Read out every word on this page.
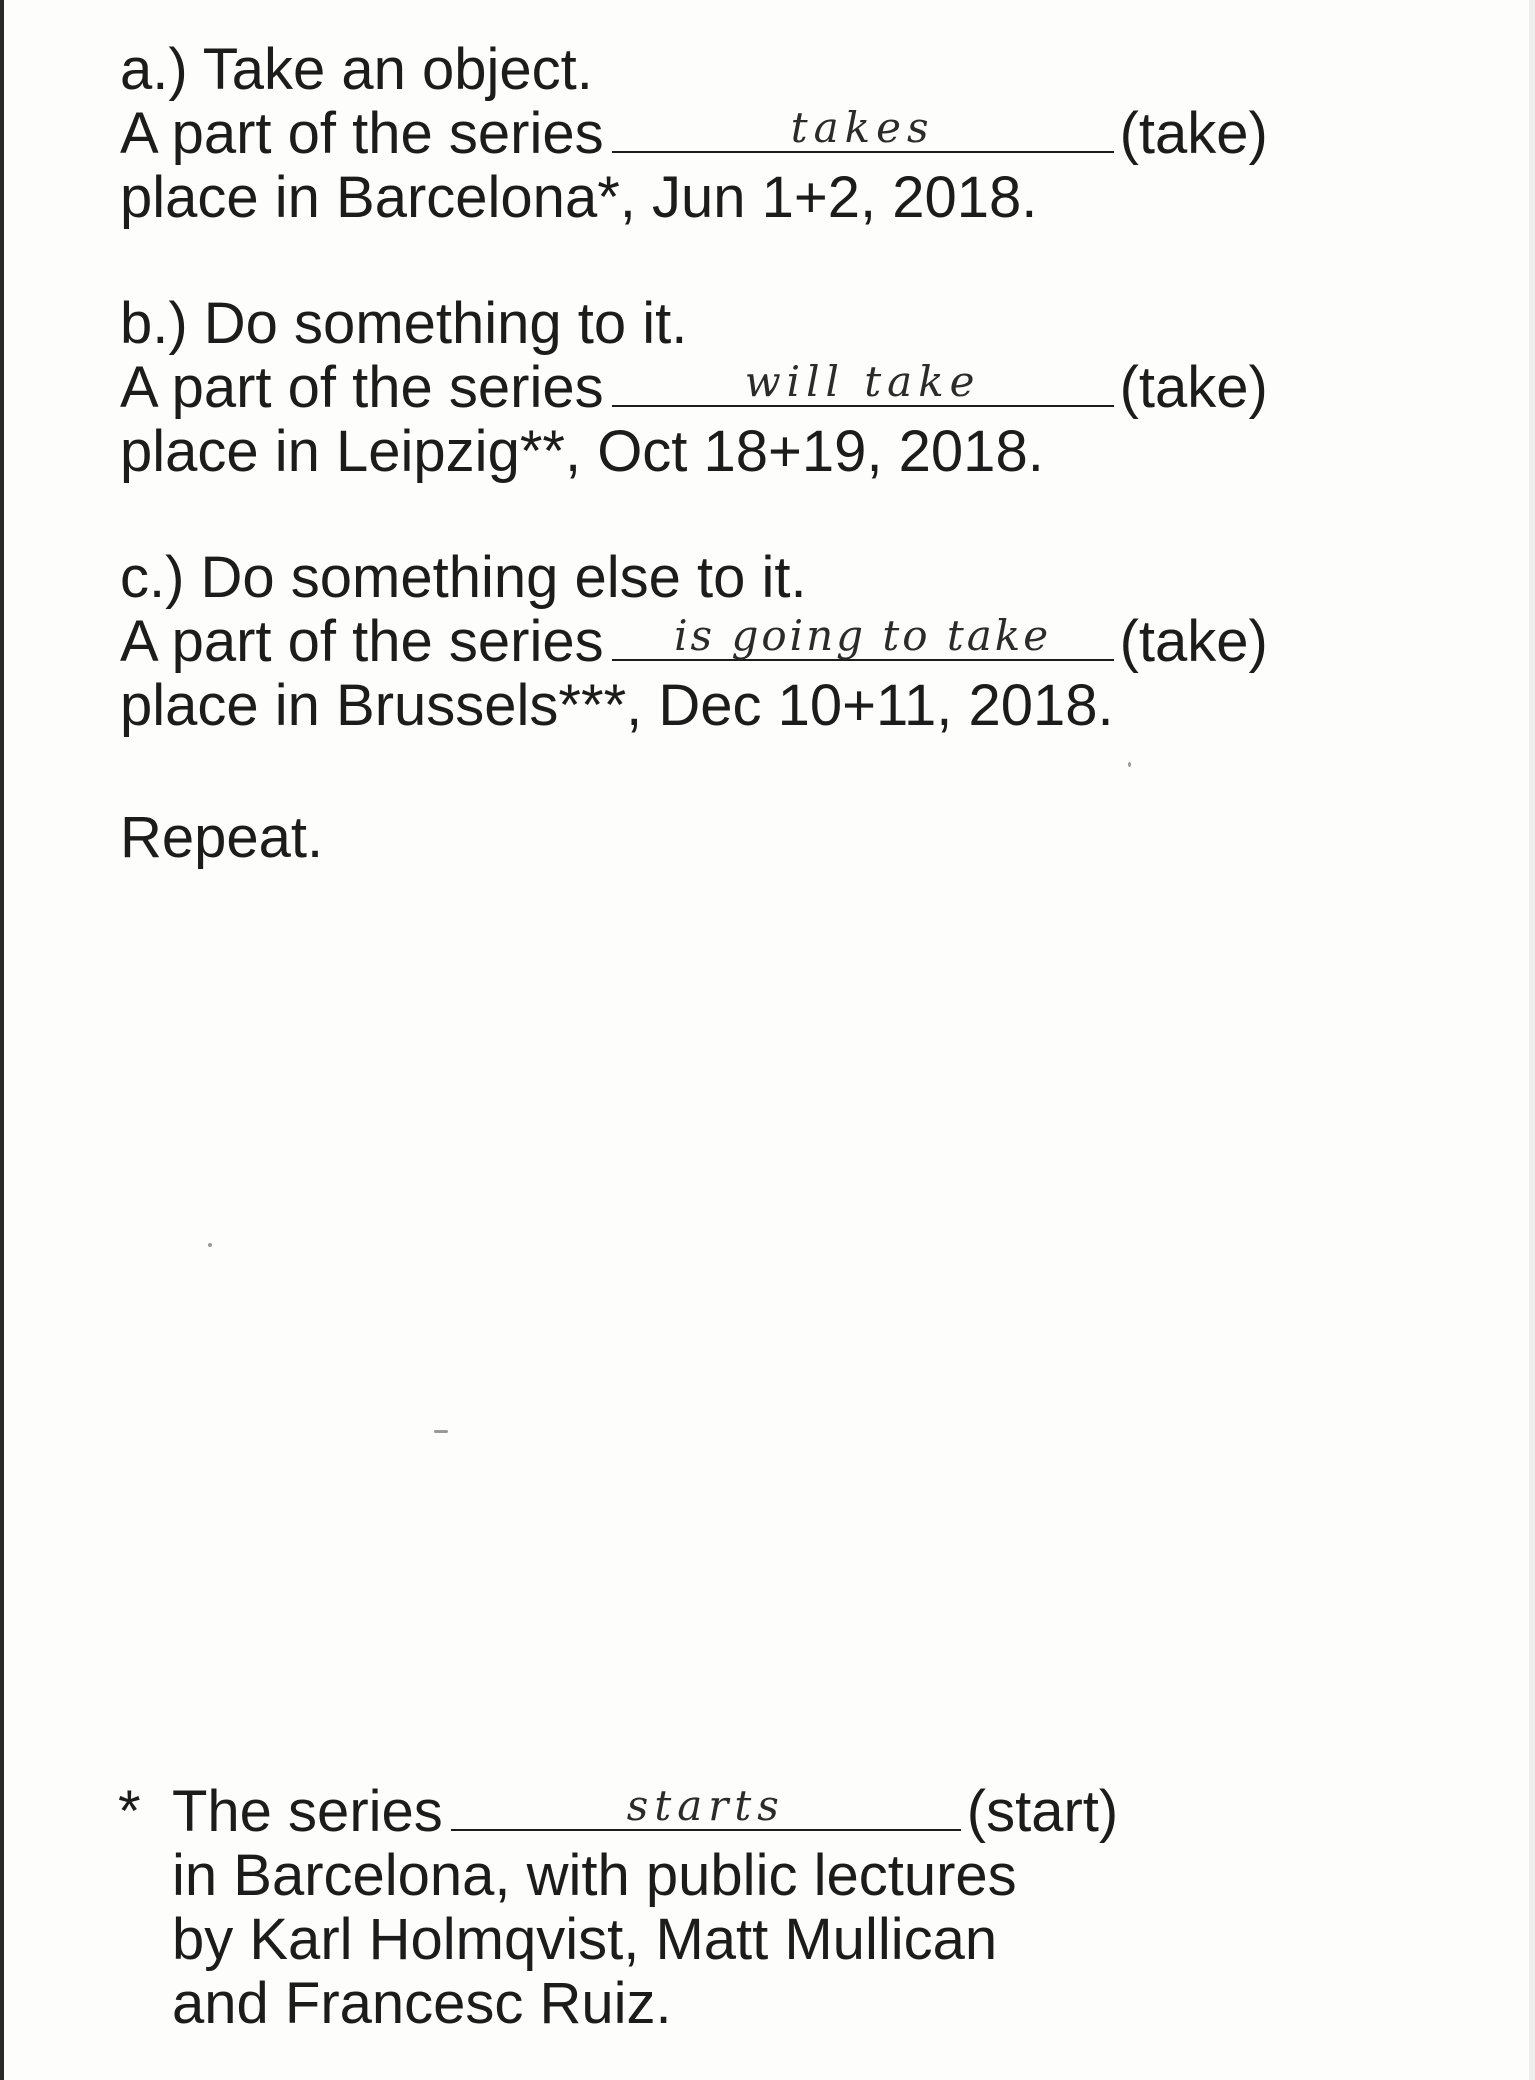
a.) Take an object.
A part of the series	takes	(take)
place in Barcelona*, Jun 1+2, 2018.
b.) Do something to it.
A part of the series	will take	(take)
place in Leipzig**, Oct 18+19, 2018.
c.) Do something else to it.
A part of the series	is going to take	(take)
place in Brussels***, Dec 10+11, 2018.
Repeat.
* The series	starts	(start)
in Barcelona, with public lectures
by Karl Holmqvist, Matt Mullican
and Francesc Ruiz.
